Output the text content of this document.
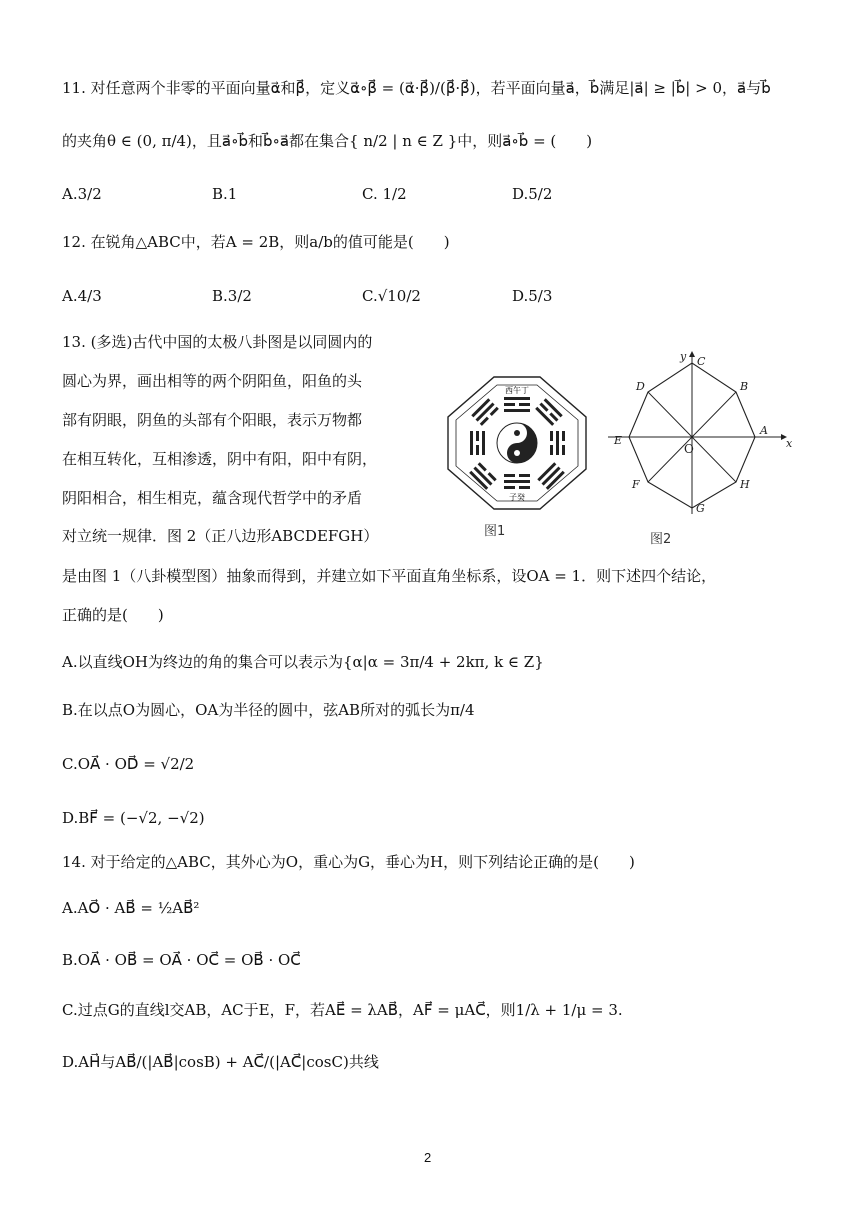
11. 对任意两个非零的平面向量α⃗和β⃗，定义α⃗∘β⃗ = (α⃗·β⃗)/(β⃗·β⃗)，若平面向量a⃗，b⃗满足|a⃗| ≥ |b⃗| > 0，a⃗与b⃗
的夹角θ ∈ (0, π/4)，且a⃗∘b⃗和b⃗∘a⃗都在集合{ n/2 | n ∈ Z }中，则a⃗∘b⃗ = (　　)
A.3/2	B.1	C. 1/2	D.5/2
12. 在锐角△ABC中，若A = 2B，则a/b的值可能是(　　)
A.4/3	B.3/2	C.√10/2	D.5/3
13. (多选)古代中国的太极八卦图是以同圆内的
圆心为界，画出相等的两个阴阳鱼，阳鱼的头
部有阴眼，阴鱼的头部有个阳眼，表示万物都
在相互转化，互相渗透，阴中有阳，阳中有阴，
阴阳相合，相生相克，蕴含现代哲学中的矛盾
对立统一规律．图 2（正八边形ABCDEFGH）
是由图 1（八卦模型图）抽象而得到，并建立如下平面直角坐标系，设OA = 1．则下述四个结论，
正确的是(　　)
西午丁
子癸
图1
A
B
C
D
E
F
G
H
O	x
y
图2
A.以直线OH为终边的角的集合可以表示为{α|α = 3π/4 + 2kπ, k ∈ Z}
B.在以点O为圆心，OA为半径的圆中，弦AB所对的弧长为π/4
C.OA⃗ · OD⃗ = √2/2
D.BF⃗ = (−√2, −√2)
14. 对于给定的△ABC，其外心为O，重心为G，垂心为H，则下列结论正确的是(　　)
A.AO⃗ · AB⃗ = ½AB⃗²
B.OA⃗ · OB⃗ = OA⃗ · OC⃗ = OB⃗ · OC⃗
C.过点G的直线l交AB，AC于E，F，若AE⃗ = λAB⃗，AF⃗ = μAC⃗，则1/λ + 1/μ = 3.
D.AH⃗与AB⃗/(|AB⃗|cosB) + AC⃗/(|AC⃗|cosC)共线
2
